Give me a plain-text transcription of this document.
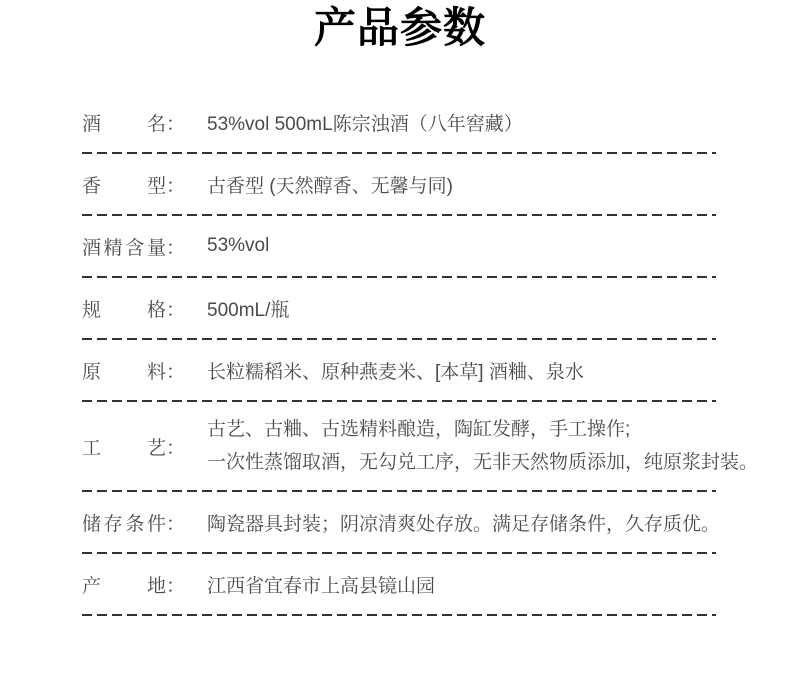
产品参数
酒名 ： 53%vol 500mL陈宗浊酒（八年窖藏）
香型 ： 古香型 (天然醇香、无馨与同)
酒精含量 ： 53%vol
规格 ： 500mL/瓶
原料 ： 长粒糯稻米、原种燕麦米、[本草] 酒粬、泉水
工艺 ：
古艺、古粬、古选精料酿造，陶缸发酵，手工操作;
一次性蒸馏取酒，无勾兑工序，无非天然物质添加，纯原浆封装。
储存条件 ： 陶瓷器具封装；阴凉清爽处存放。满足存储条件，久存质优。
产地 ： 江西省宜春市上高县镜山园
